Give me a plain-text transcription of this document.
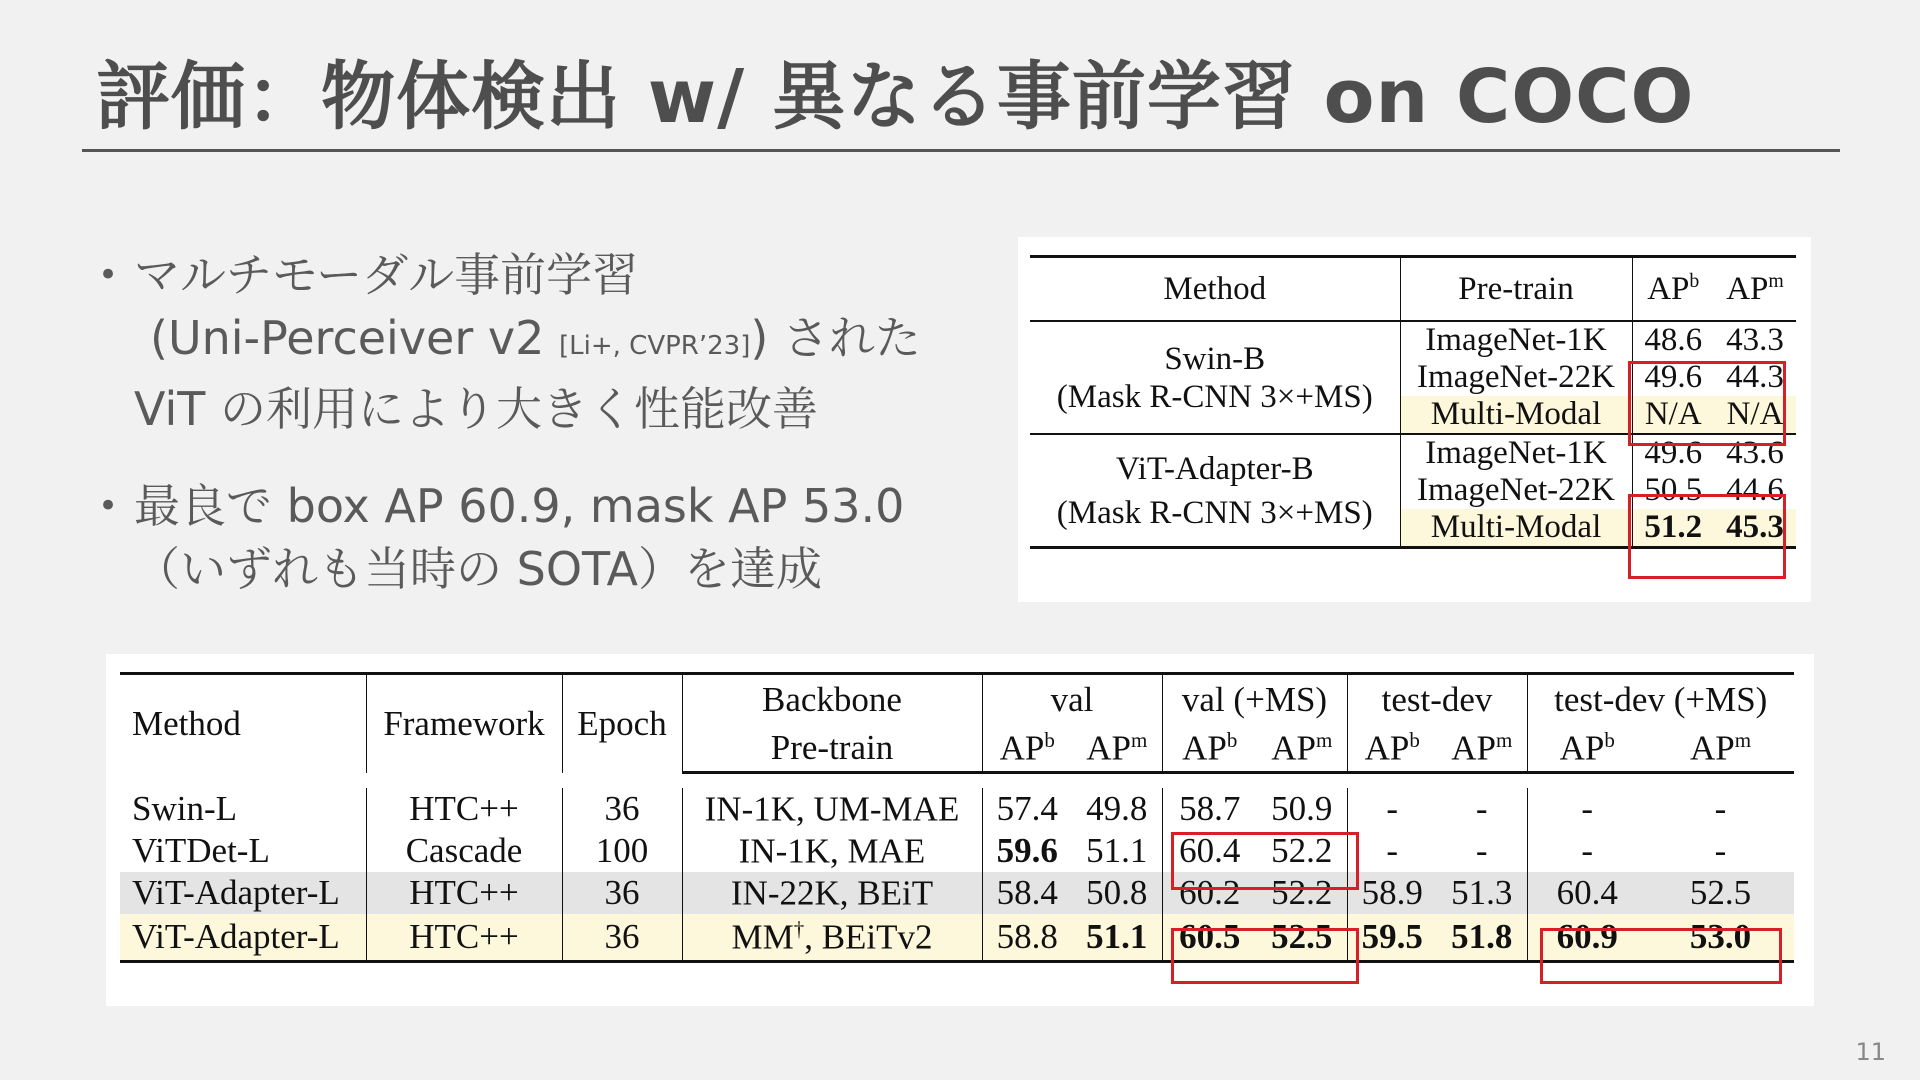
評価：物体検出 w/ 異なる事前学習 on COCO
• マルチモーダル事前学習
(Uni-Perceiver v2 [Li+, CVPR’23]) された
ViT の利用により大きく性能改善
• 最良で box AP 60.9, mask AP 53.0
（いずれも当時の SOTA）を達成
Method	Pre-train	$AP^b$	$AP^m$

Swin-B
(Mask R-CNN 3×+MS)	ImageNet-1K	48.6	43.3
	ImageNet-22K	49.6	44.3
	Multi-Modal	N/A	N/A

ViT-Adapter-B
(Mask R-CNN 3×+MS)	ImageNet-1K	49.6	43.6
	ImageNet-22K	50.5	44.6
	Multi-Modal	51.2	45.3
Method	Framework	Epoch	Backbone	val		val (+MS)		test-dev		test-dev (+MS)	
			Pre-train	$AP^b$	$AP^m$	$AP^b$	$AP^m$	$AP^b$	$AP^m$	$AP^b$	$AP^m$

Swin-L	HTC++	36	IN-1K, UM-MAE	57.4	49.8	58.7	50.9	-	-	-	-
ViTDet-L	Cascade	100	IN-1K, MAE	59.6	51.1	60.4	52.2	-	-	-	-
ViT-Adapter-L	HTC++	36	IN-22K, BEiT	58.4	50.8	60.2	52.2	58.9	51.3	60.4	52.5
ViT-Adapter-L	HTC++	36	MM†, BEiTv2	58.8	51.1	60.5	52.5	59.5	51.8	60.9	53.0
11
